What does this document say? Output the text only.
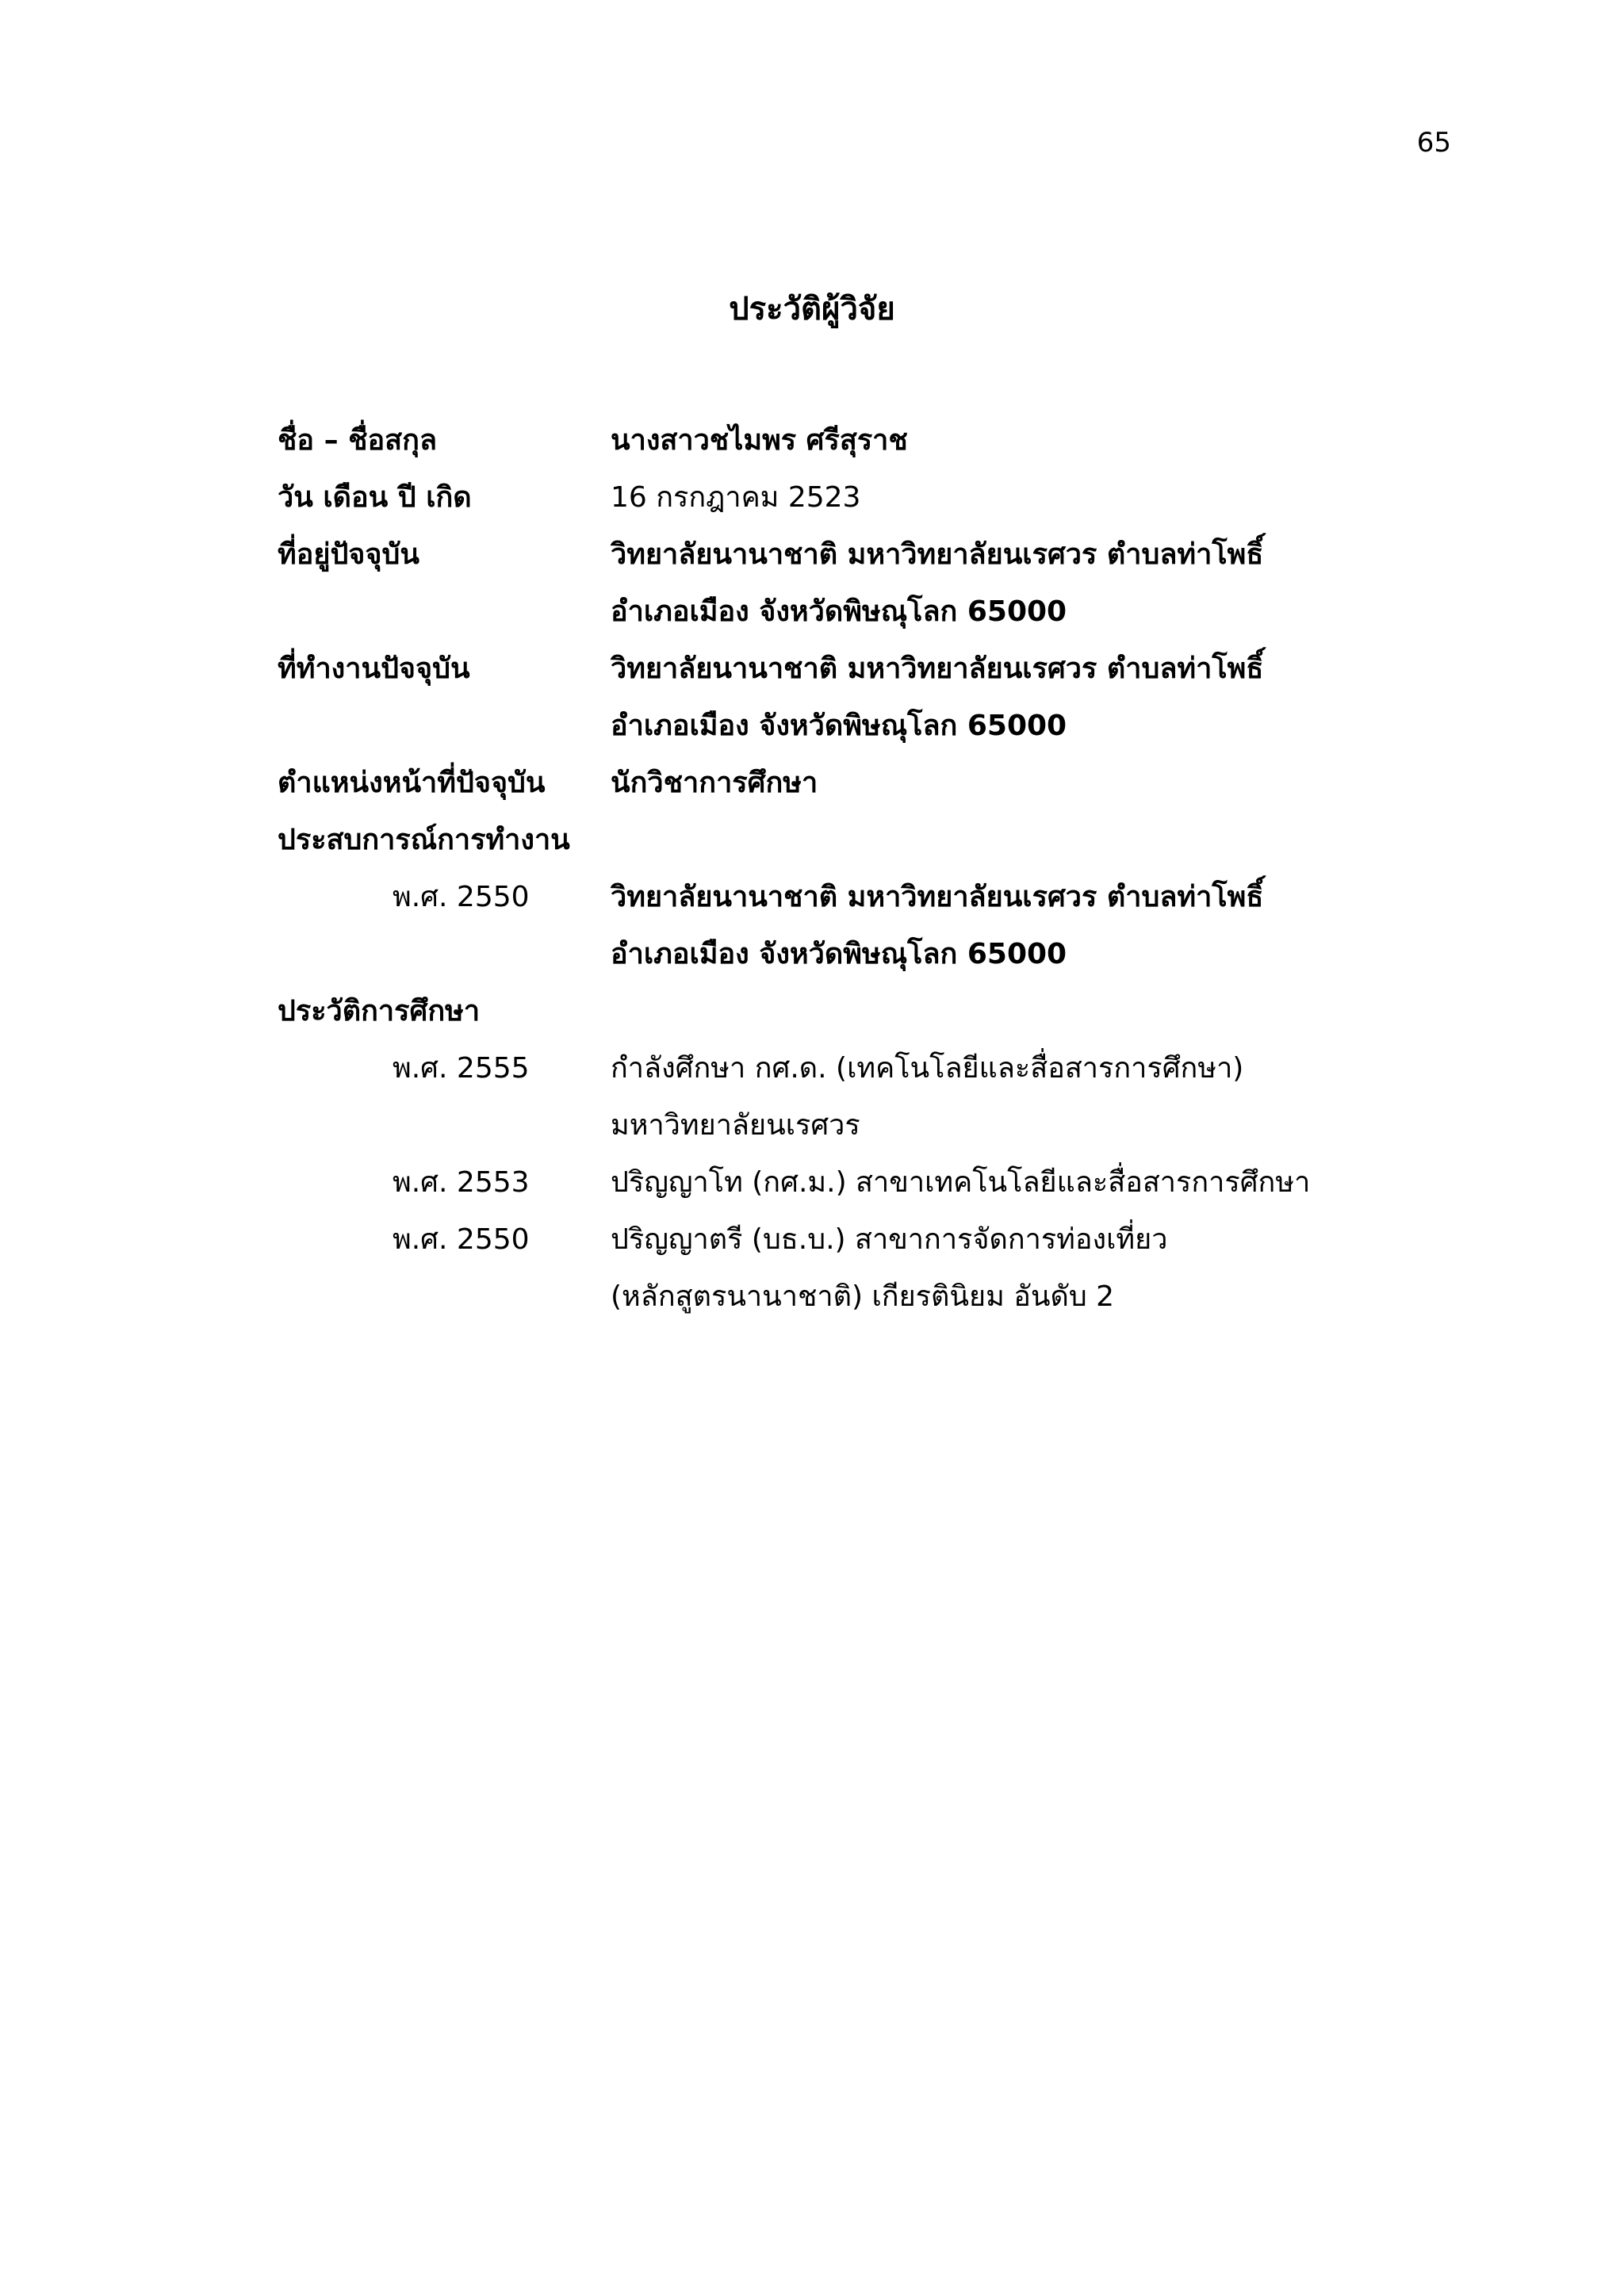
65
ประวัติผู้วิจัย
ชื่อ – ชื่อสกุล	นางสาวชไมพร ศรีสุราช
วัน เดือน ปี เกิด	16 กรกฎาคม 2523
ที่อยู่ปัจจุบัน	วิทยาลัยนานาชาติ มหาวิทยาลัยนเรศวร ตำบลท่าโพธิ์
อำเภอเมือง จังหวัดพิษณุโลก 65000
ที่ทำงานปัจจุบัน	วิทยาลัยนานาชาติ มหาวิทยาลัยนเรศวร ตำบลท่าโพธิ์
อำเภอเมือง จังหวัดพิษณุโลก 65000
ตำแหน่งหน้าที่ปัจจุบัน	นักวิชาการศึกษา
ประสบการณ์การทำงาน
พ.ศ. 2550	วิทยาลัยนานาชาติ มหาวิทยาลัยนเรศวร ตำบลท่าโพธิ์
อำเภอเมือง จังหวัดพิษณุโลก 65000
ประวัติการศึกษา
พ.ศ. 2555	กำลังศึกษา กศ.ด. (เทคโนโลยีและสื่อสารการศึกษา)
มหาวิทยาลัยนเรศวร
พ.ศ. 2553	ปริญญาโท (กศ.ม.) สาขาเทคโนโลยีและสื่อสารการศึกษา
พ.ศ. 2550	ปริญญาตรี (บธ.บ.) สาขาการจัดการท่องเที่ยว
(หลักสูตรนานาชาติ) เกียรตินิยม อันดับ 2
